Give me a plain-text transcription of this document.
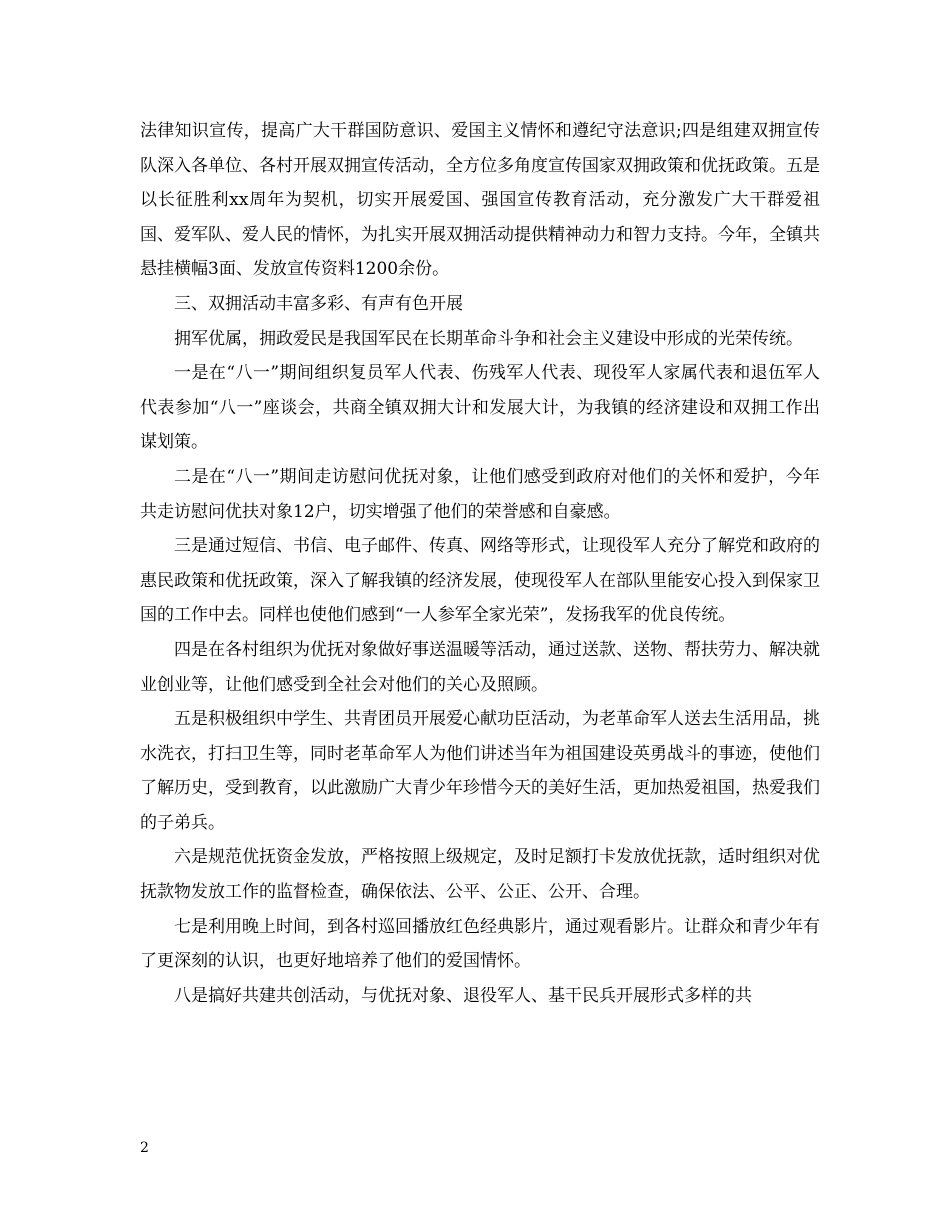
法律知识宣传，提高广大干群国防意识、爱国主义情怀和遵纪守法意识;四是组建双拥宣传队深入各单位、各村开展双拥宣传活动，全方位多角度宣传国家双拥政策和优抚政策。五是以长征胜利xx周年为契机，切实开展爱国、强国宣传教育活动，充分激发广大干群爱祖国、爱军队、爱人民的情怀，为扎实开展双拥活动提供精神动力和智力支持。今年，全镇共悬挂横幅3面、发放宣传资料1200余份。

三、双拥活动丰富多彩、有声有色开展

拥军优属，拥政爱民是我国军民在长期革命斗争和社会主义建设中形成的光荣传统。

一是在“八一”期间组织复员军人代表、伤残军人代表、现役军人家属代表和退伍军人代表参加“八一”座谈会，共商全镇双拥大计和发展大计，为我镇的经济建设和双拥工作出谋划策。

二是在“八一”期间走访慰问优抚对象，让他们感受到政府对他们的关怀和爱护，今年共走访慰问优扶对象12户，切实增强了他们的荣誉感和自豪感。

三是通过短信、书信、电子邮件、传真、网络等形式，让现役军人充分了解党和政府的惠民政策和优抚政策，深入了解我镇的经济发展，使现役军人在部队里能安心投入到保家卫国的工作中去。同样也使他们感到“一人参军全家光荣”，发扬我军的优良传统。

四是在各村组织为优抚对象做好事送温暖等活动，通过送款、送物、帮扶劳力、解决就业创业等，让他们感受到全社会对他们的关心及照顾。

五是积极组织中学生、共青团员开展爱心献功臣活动，为老革命军人送去生活用品，挑水洗衣，打扫卫生等，同时老革命军人为他们讲述当年为祖国建设英勇战斗的事迹，使他们了解历史，受到教育，以此激励广大青少年珍惜今天的美好生活，更加热爱祖国，热爱我们的子弟兵。

六是规范优抚资金发放，严格按照上级规定，及时足额打卡发放优抚款，适时组织对优抚款物发放工作的监督检查，确保依法、公平、公正、公开、合理。

七是利用晚上时间，到各村巡回播放红色经典影片，通过观看影片。让群众和青少年有了更深刻的认识，也更好地培养了他们的爱国情怀。

八是搞好共建共创活动，与优抚对象、退役军人、基干民兵开展形式多样的共

2
